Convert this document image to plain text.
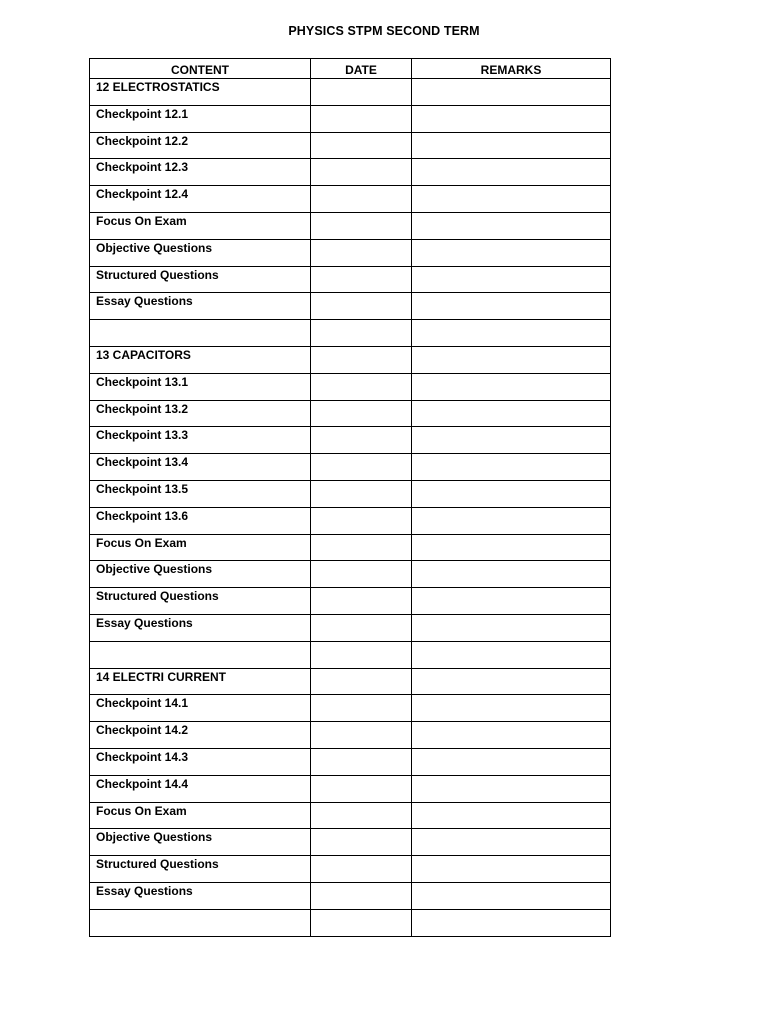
PHYSICS STPM SECOND TERM
CONTENT	DATE	REMARKS

12 ELECTROSTATICS		

Checkpoint 12.1		

Checkpoint 12.2		

Checkpoint 12.3		

Checkpoint 12.4		

Focus On Exam		

Objective Questions		

Structured Questions		

Essay Questions		

13 CAPACITORS		

Checkpoint 13.1		

Checkpoint 13.2		

Checkpoint 13.3		

Checkpoint 13.4		

Checkpoint 13.5		

Checkpoint 13.6		

Focus On Exam		

Objective Questions		

Structured Questions		

Essay Questions		

14 ELECTRI CURRENT		

Checkpoint 14.1		

Checkpoint 14.2		

Checkpoint 14.3		

Checkpoint 14.4		

Focus On Exam		

Objective Questions		

Structured Questions		

Essay Questions		
